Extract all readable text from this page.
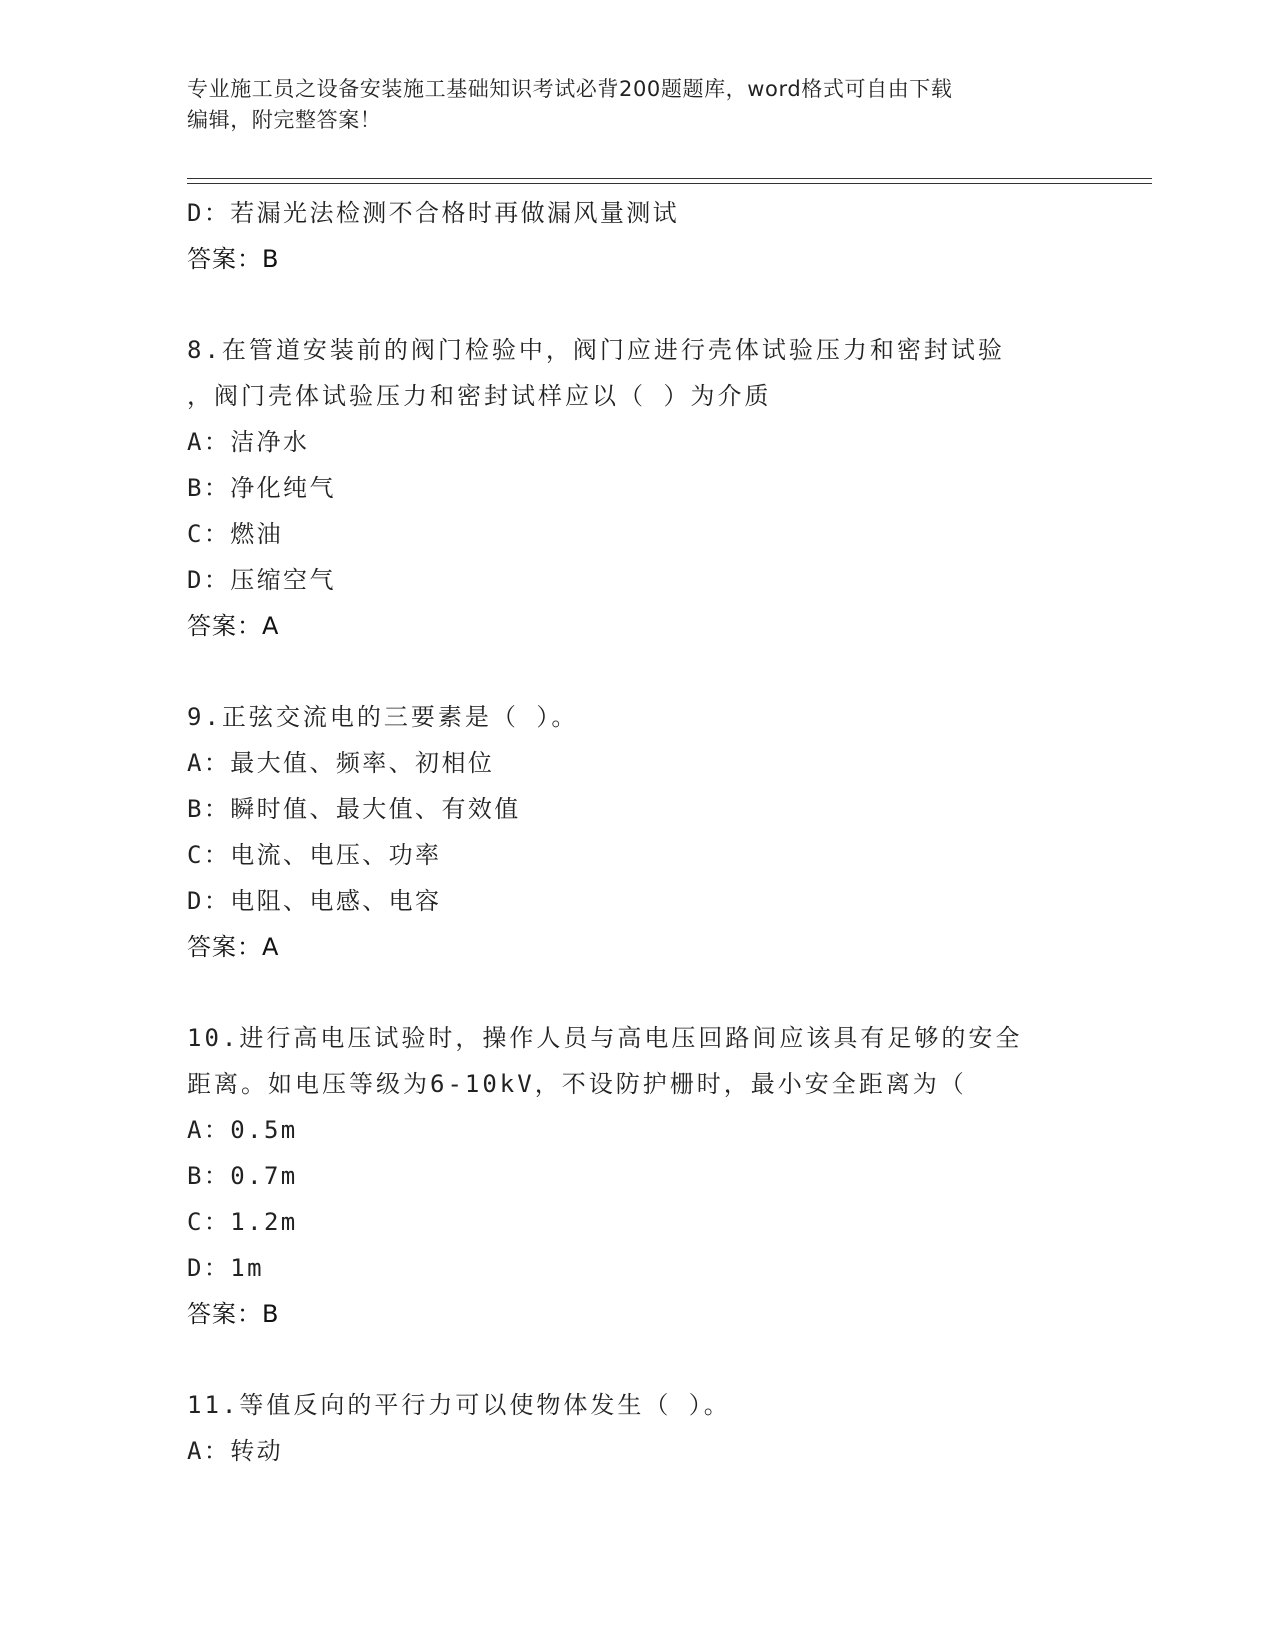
专业施工员之设备安装施工基础知识考试必背200题题库，word格式可自由下载
编辑，附完整答案！
D：若漏光法检测不合格时再做漏风量测试
答案：B
8.在管道安装前的阀门检验中，阀门应进行壳体试验压力和密封试验
，阀门壳体试验压力和密封试样应以（ ）为介质
A：洁净水
B：净化纯气
C：燃油
D：压缩空气
答案：A
9.正弦交流电的三要素是（ ）。
A：最大值、频率、初相位
B：瞬时值、最大值、有效值
C：电流、电压、功率
D：电阻、电感、电容
答案：A
10.进行高电压试验时，操作人员与高电压回路间应该具有足够的安全
距离。如电压等级为6-10kV，不设防护栅时，最小安全距离为（
A：0.5m
B：0.7m
C：1.2m
D：1m
答案：B
11.等值反向的平行力可以使物体发生（ ）。
A：转动
